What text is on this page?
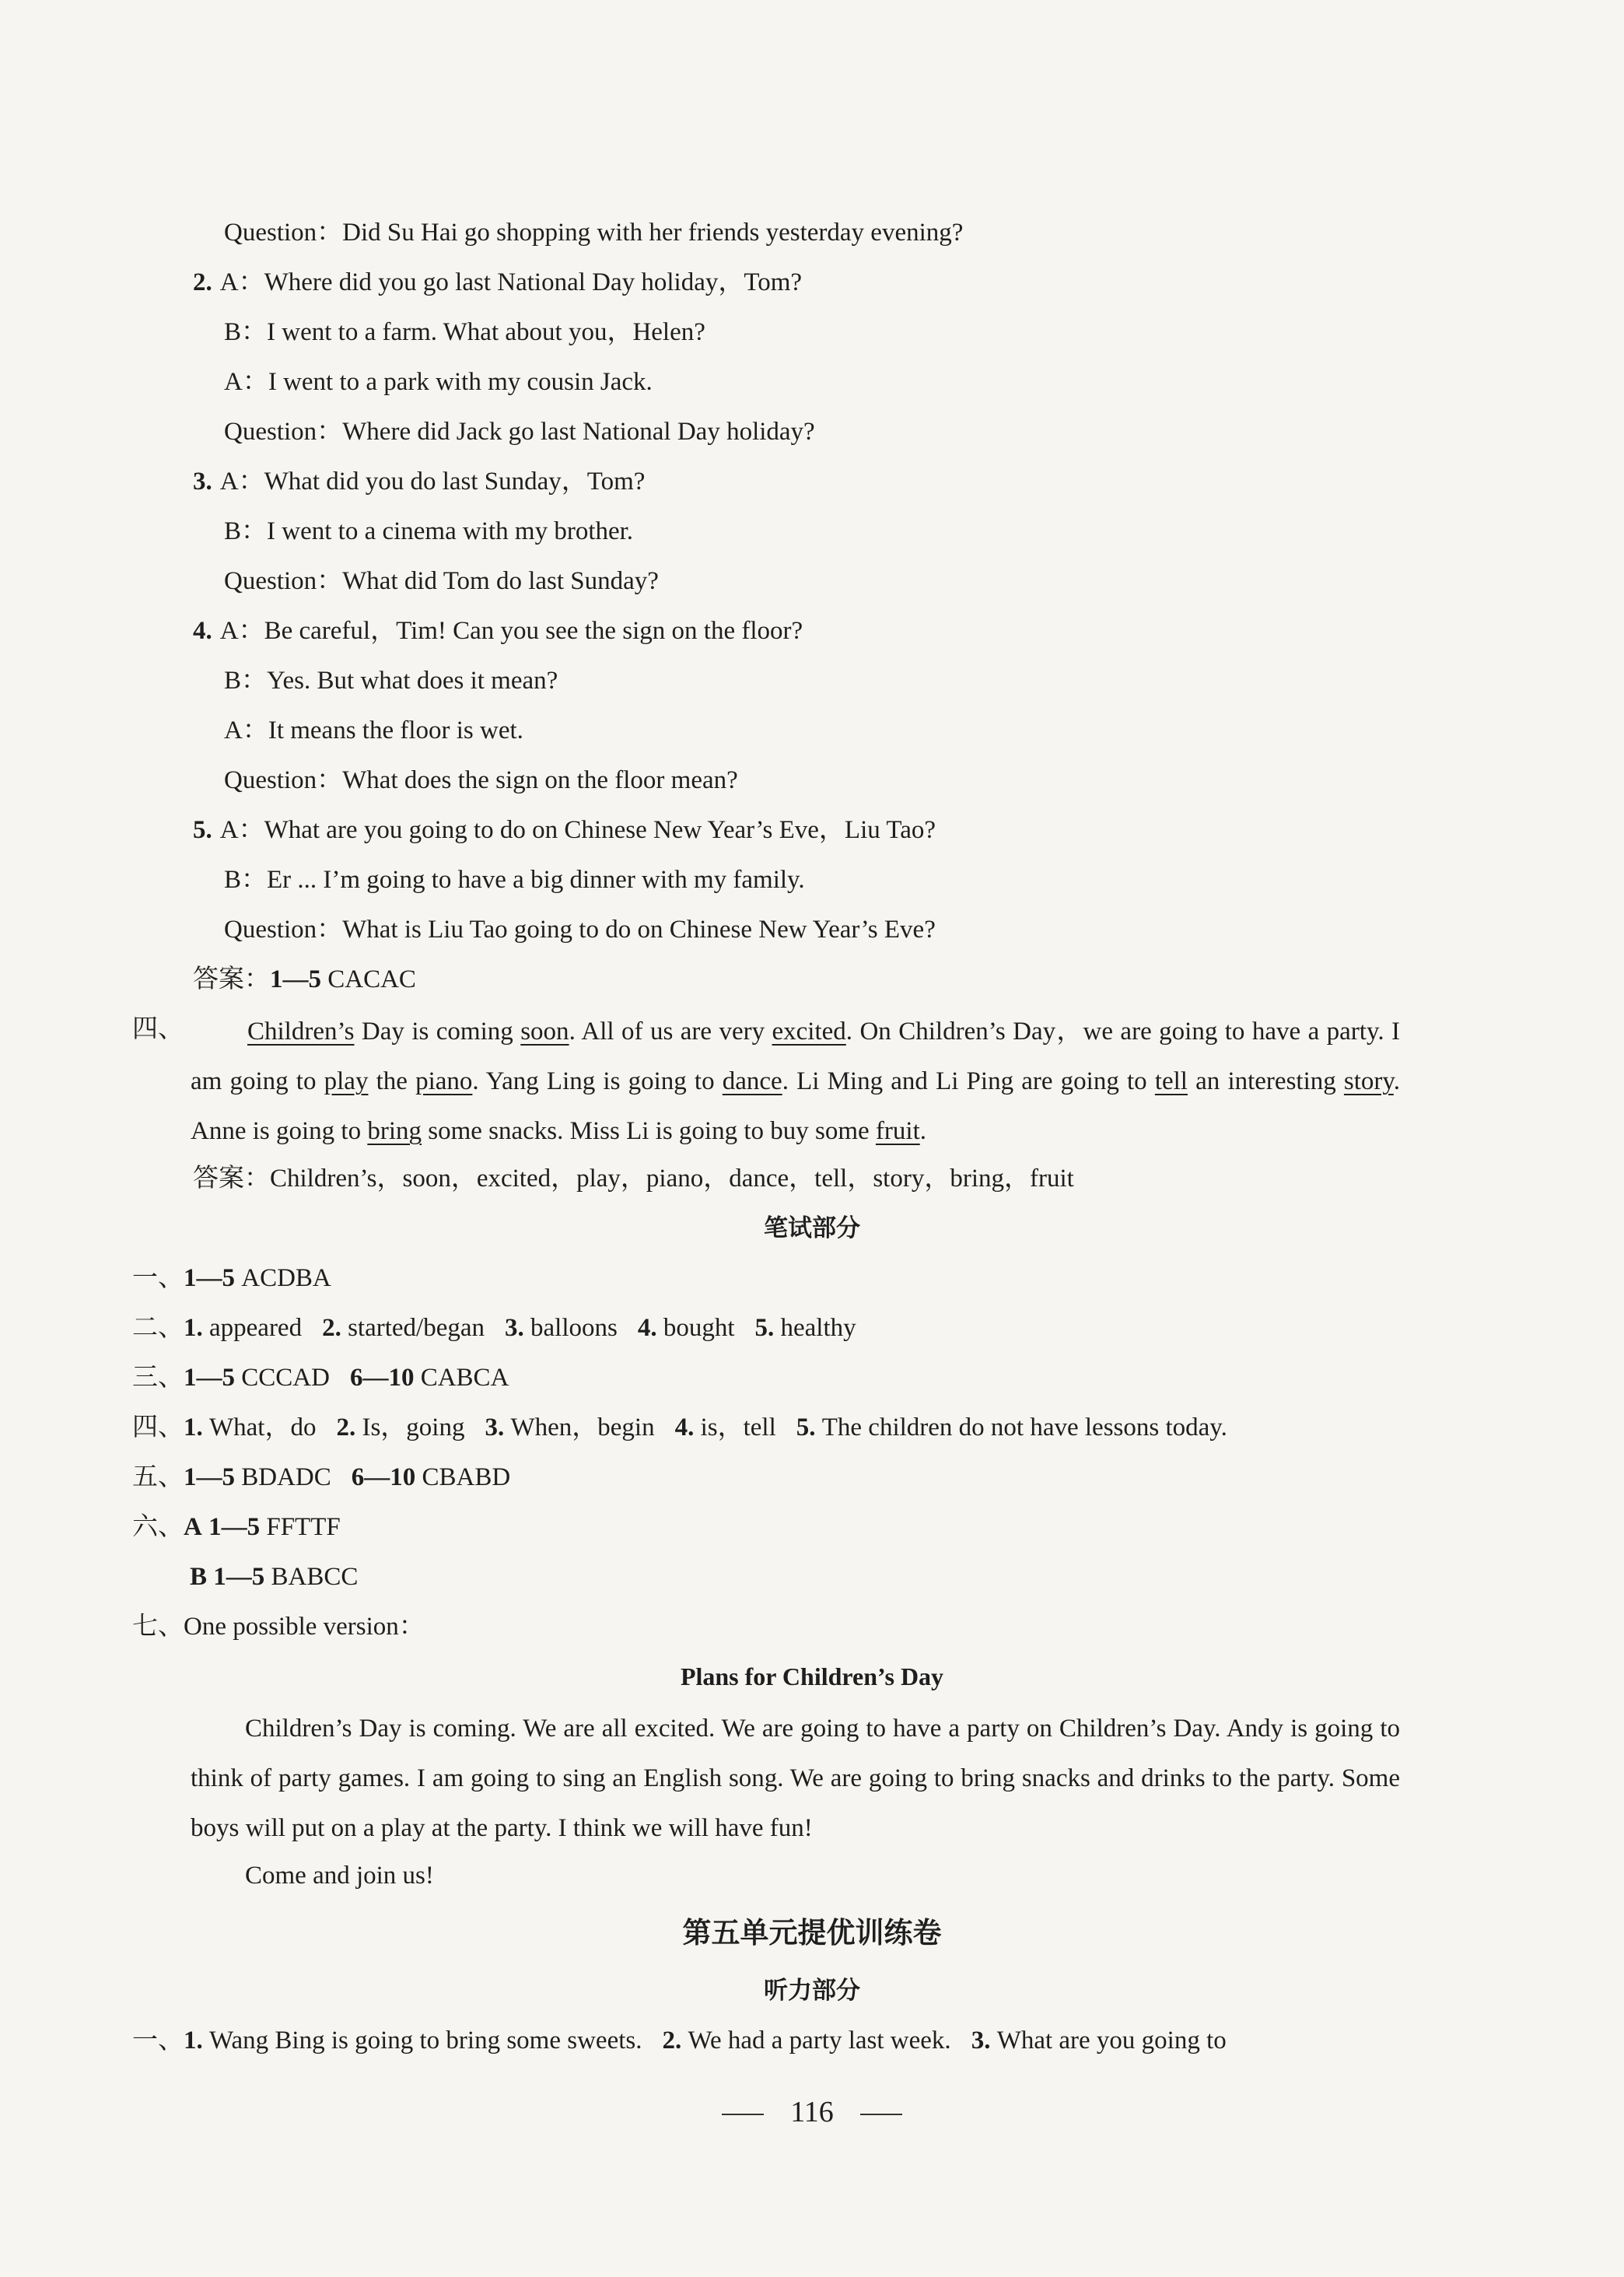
Question：Did Su Hai go shopping with her friends yesterday evening?
2. A：Where did you go last National Day holiday，Tom?
B：I went to a farm. What about you，Helen?
A：I went to a park with my cousin Jack.
Question：Where did Jack go last National Day holiday?
3. A：What did you do last Sunday，Tom?
B：I went to a cinema with my brother.
Question：What did Tom do last Sunday?
4. A：Be careful，Tim! Can you see the sign on the floor?
B：Yes. But what does it mean?
A：It means the floor is wet.
Question：What does the sign on the floor mean?
5. A：What are you going to do on Chinese New Year’s Eve，Liu Tao?
B：Er ... I’m going to have a big dinner with my family.
Question：What is Liu Tao going to do on Chinese New Year’s Eve?
答案：1—5 CACAC
四、	Children’s Day is coming soon. All of us are very excited. On Children’s Day，we are going to have a party. I am going to play the piano. Yang Ling is going to dance. Li Ming and Li Ping are going to tell an interesting story. Anne is going to bring some snacks. Miss Li is going to buy some fruit.
答案：Children’s，soon，excited，play，piano，dance，tell，story，bring，fruit
笔试部分
一、1—5 ACDBA
二、1. appeared 2. started/began 3. balloons 4. bought 5. healthy
三、1—5 CCCAD 6—10 CABCA
四、1. What，do 2. Is，going 3. When，begin 4. is，tell 5. The children do not have lessons today.
五、1—5 BDADC 6—10 CBABD
六、A 1—5 FFTTF
B 1—5 BABCC
七、One possible version：
Plans for Children’s Day
Children’s Day is coming. We are all excited. We are going to have a party on Children’s Day. Andy is going to think of party games. I am going to sing an English song. We are going to bring snacks and drinks to the party. Some boys will put on a play at the party. I think we will have fun!
Come and join us!
第五单元提优训练卷
听力部分
一、1. Wang Bing is going to bring some sweets. 2. We had a party last week. 3. What are you going to
116
